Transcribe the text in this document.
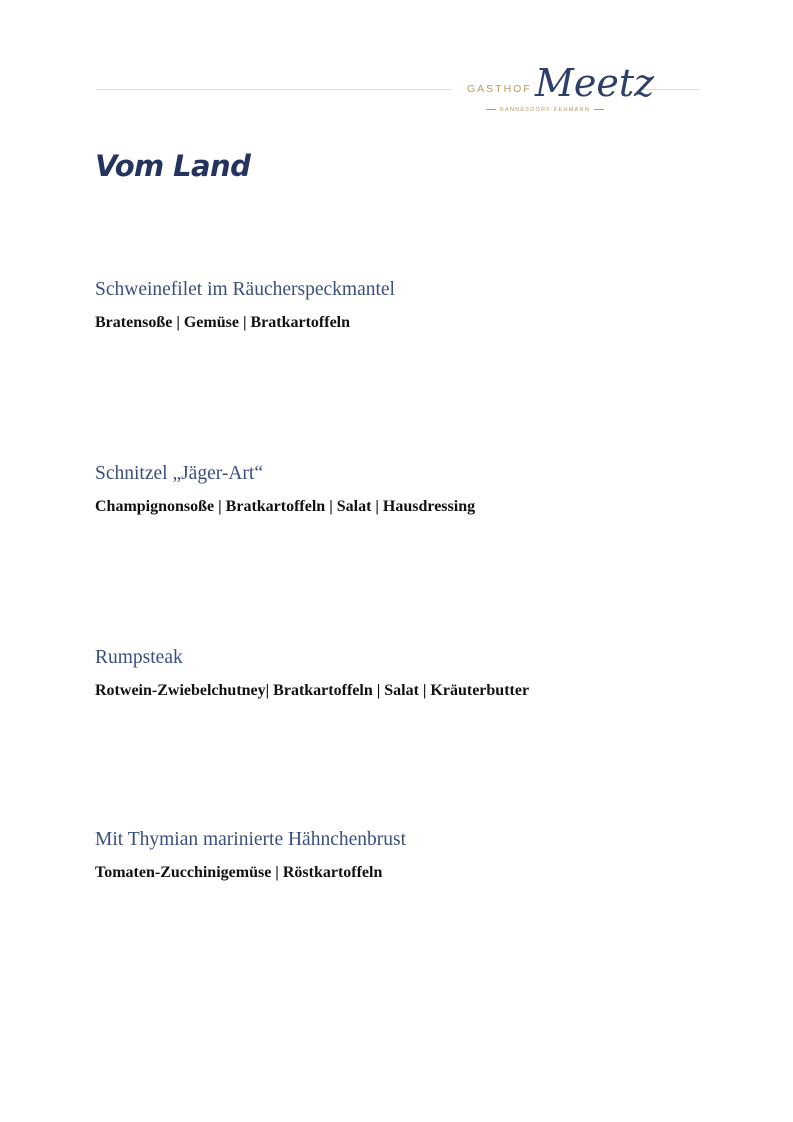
GASTHOF Meetz
BANNESDORF·FEHMARN
Vom Land

Schweinefilet im Räucherspeckmantel

Bratensoße | Gemüse | Bratkartoffeln

Schnitzel „Jäger-Art“

Champignonsoße | Bratkartoffeln | Salat | Hausdressing

Rumpsteak

Rotwein-Zwiebelchutney| Bratkartoffeln | Salat | Kräuterbutter

Mit Thymian marinierte Hähnchenbrust

Tomaten-Zucchinigemüse | Röstkartoffeln
